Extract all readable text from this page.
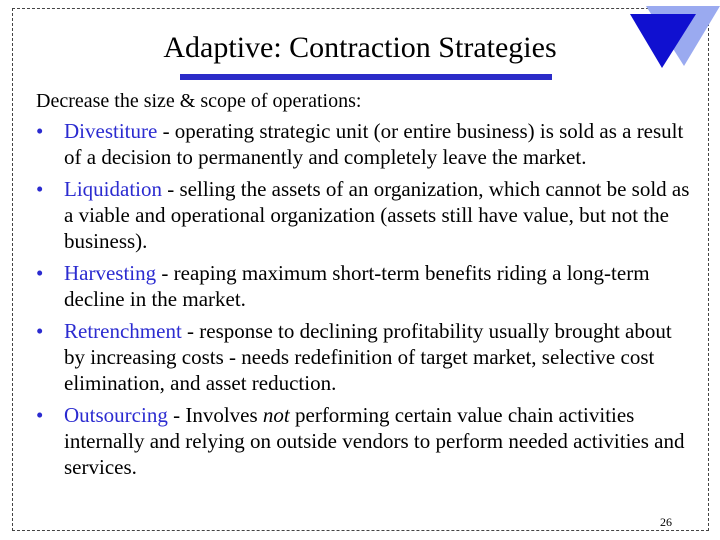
Adaptive: Contraction Strategies
Decrease the size & scope of operations:
• Divestiture - operating strategic unit (or entire business) is sold as a result of a decision to permanently and completely leave the market.
• Liquidation - selling the assets of an organization, which cannot be sold as a viable and operational organization (assets still have value, but not the business).
• Harvesting - reaping maximum short-term benefits riding a long-term decline in the market.
• Retrenchment - response to declining profitability usually brought about by increasing costs - needs redefinition of target market, selective cost elimination, and asset reduction.
• Outsourcing - Involves not performing certain value chain activities internally and relying on outside vendors to perform needed activities and services.
26
